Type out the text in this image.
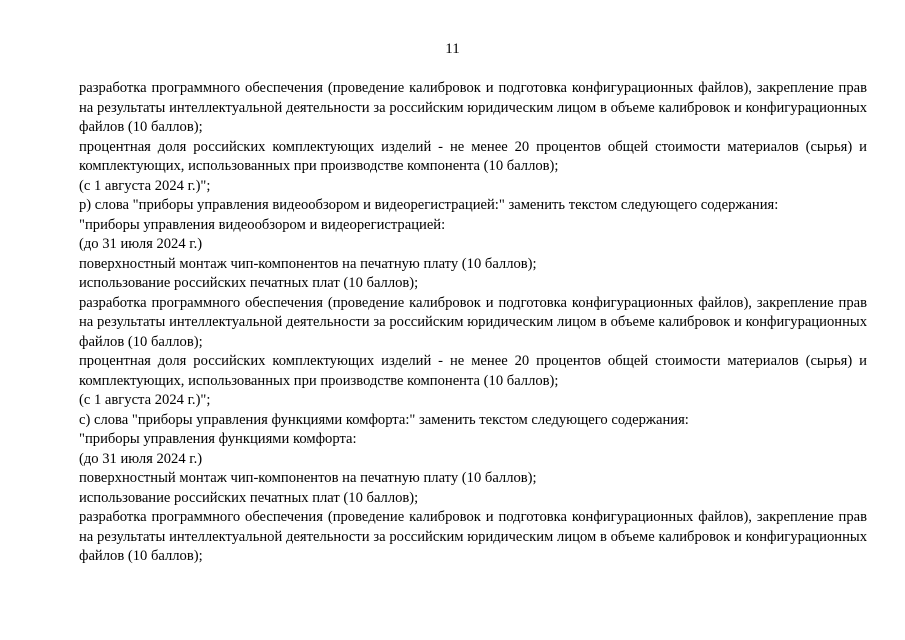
11

разработка программного обеспечения (проведение калибровок и подготовка конфигурационных файлов), закрепление прав на результаты интеллектуальной деятельности за российским юридическим лицом в объеме калибровок и конфигурационных файлов (10 баллов);

процентная доля российских комплектующих изделий - не менее 20 процентов общей стоимости материалов (сырья) и комплектующих, использованных при производстве компонента (10 баллов);

(с 1 августа 2024 г.)";

р) слова "приборы управления видеообзором и видеорегистрацией:" заменить текстом следующего содержания:

"приборы управления видеообзором и видеорегистрацией:

(до 31 июля 2024 г.)

поверхностный монтаж чип-компонентов на печатную плату (10 баллов);

использование российских печатных плат (10 баллов);

разработка программного обеспечения (проведение калибровок и подготовка конфигурационных файлов), закрепление прав на результаты интеллектуальной деятельности за российским юридическим лицом в объеме калибровок и конфигурационных файлов (10 баллов);

процентная доля российских комплектующих изделий - не менее 20 процентов общей стоимости материалов (сырья) и комплектующих, использованных при производстве компонента (10 баллов);

(с 1 августа 2024 г.)";

с) слова "приборы управления функциями комфорта:" заменить текстом следующего содержания:

"приборы управления функциями комфорта:

(до 31 июля 2024 г.)

поверхностный монтаж чип-компонентов на печатную плату (10 баллов);

использование российских печатных плат (10 баллов);

разработка программного обеспечения (проведение калибровок и подготовка конфигурационных файлов), закрепление прав на результаты интеллектуальной деятельности за российским юридическим лицом в объеме калибровок и конфигурационных файлов (10 баллов);
